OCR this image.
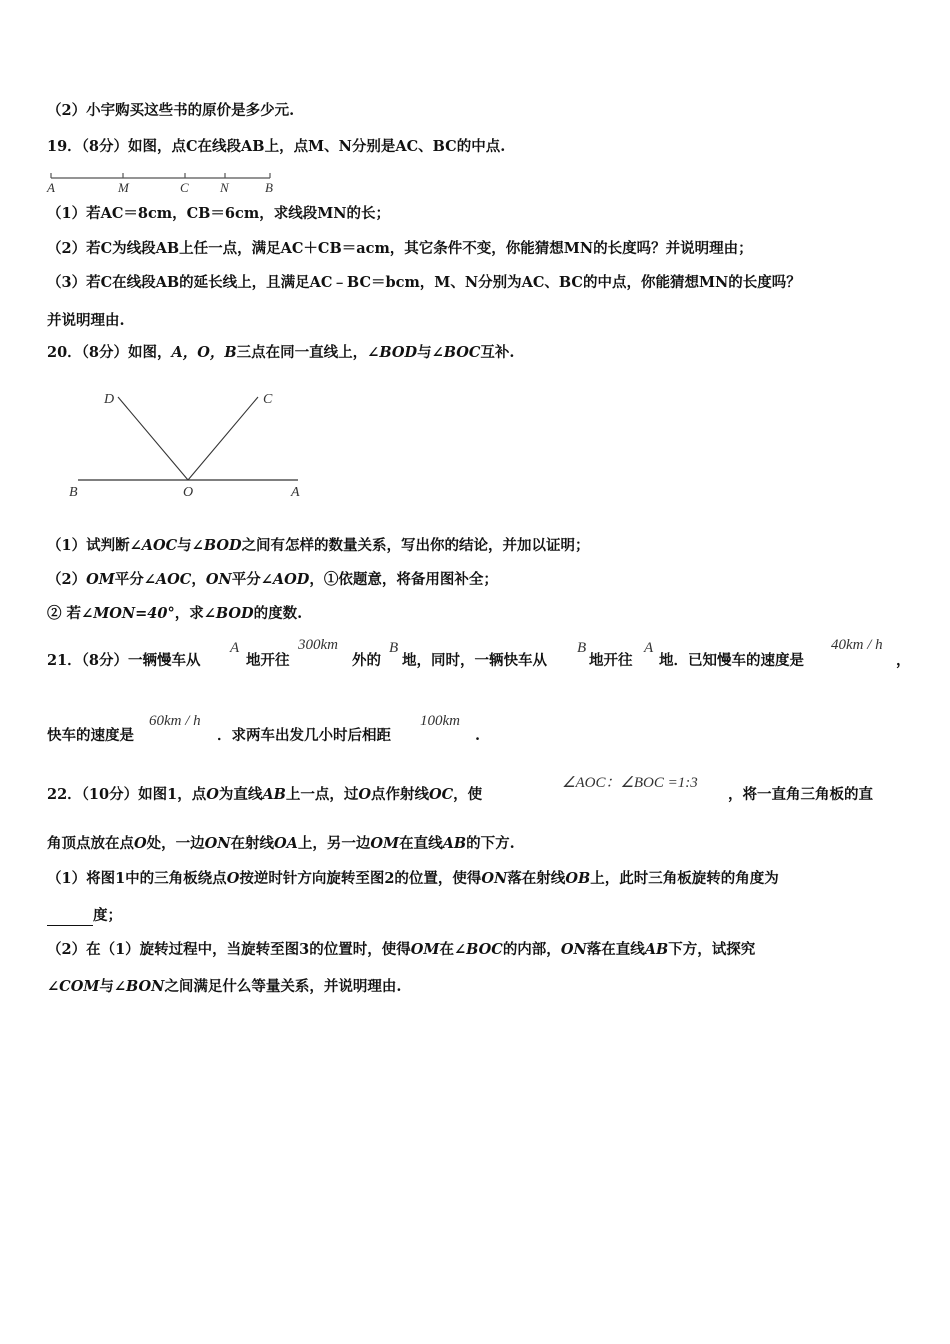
（2）小宇购买这些书的原价是多少元.
19．（8分）如图，点C在线段AB上，点M、N分别是AC、BC的中点.
A	M	C N	B
（1）若AC＝8cm，CB＝6cm，求线段MN的长；
（2）若C为线段AB上任一点，满足AC＋CB＝acm，其它条件不变，你能猜想MN的长度吗？并说明理由；
（3）若C在线段AB的延长线上，且满足AC﹣BC＝bcm，M、N分别为AC、BC的中点，你能猜想MN的长度吗？
并说明理由.
20．（8分）如图，A，O，B三点在同一直线上，∠BOD与∠BOC互补.
D	C
B	O	A
（1）试判断∠AOC与∠BOD之间有怎样的数量关系，写出你的结论，并加以证明；
（2）OM平分∠AOC，ON平分∠AOD，①依题意，将备用图补全；
② 若∠MON=40°，求∠BOD的度数.
21．（8分）一辆慢车从
A
地开往
300km
外的
B
地，同时，一辆快车从
B
地开往
A
地．已知慢车的速度是
40km / h
，
快车的速度是
60km / h
．求两车出发几小时后相距
100km
.
22．（10分）如图1，点O为直线AB上一点，过O点作射线OC，使
∠AOC：∠BOC =1:3
，将一直角三角板的直
角顶点放在点O处，一边ON在射线OA上，另一边OM在直线AB的下方.
（1）将图1中的三角板绕点O按逆时针方向旋转至图2的位置，使得ON落在射线OB上，此时三角板旋转的角度为
度；
（2）在（1）旋转过程中，当旋转至图3的位置时，使得OM在∠BOC的内部，ON落在直线AB下方，试探究
∠COM与∠BON之间满足什么等量关系，并说明理由.
